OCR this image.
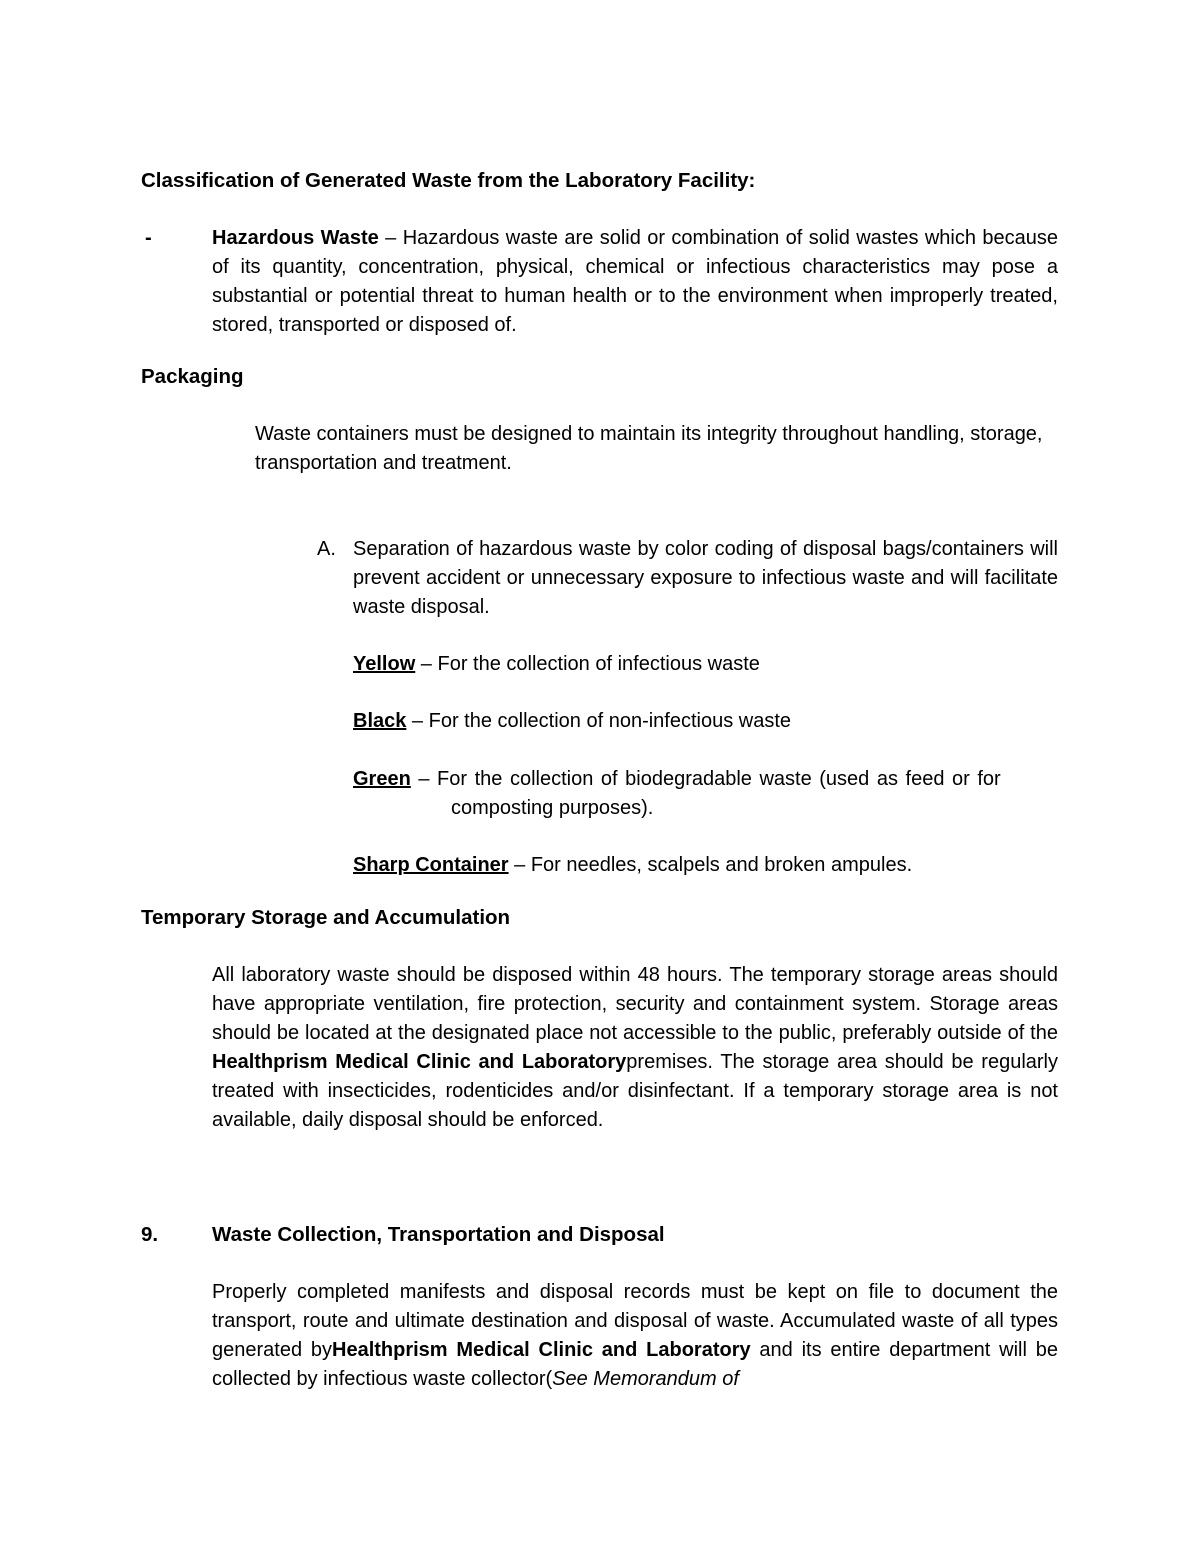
Classification of Generated Waste from the Laboratory Facility:

-	Hazardous Waste – Hazardous waste are solid or combination of solid wastes which because of its quantity, concentration, physical, chemical or infectious characteristics may pose a substantial or potential threat to human health or to the environment when improperly treated, stored, transported or disposed of.

Packaging

Waste containers must be designed to maintain its integrity throughout handling, storage, transportation and treatment.

A. Separation of hazardous waste by color coding of disposal bags/containers will prevent accident or unnecessary exposure to infectious waste and will facilitate waste disposal.

Yellow – For the collection of infectious waste

Black – For the collection of non-infectious waste

Green – For the collection of biodegradable waste (used as feed or for

composting purposes).

Sharp Container – For needles, scalpels and broken ampules.

Temporary Storage and Accumulation

All laboratory waste should be disposed within 48 hours. The temporary storage areas should have appropriate ventilation, fire protection, security and containment system. Storage areas should be located at the designated place not accessible to the public, preferably outside of the Healthprism Medical Clinic and Laboratorypremises. The storage area should be regularly treated with insecticides, rodenticides and/or disinfectant. If a temporary storage area is not available, daily disposal should be enforced.

9.	Waste Collection, Transportation and Disposal

Properly completed manifests and disposal records must be kept on file to document the transport, route and ultimate destination and disposal of waste. Accumulated waste of all types generated byHealthprism Medical Clinic and Laboratory and its entire department will be collected by infectious waste collector(See Memorandum of
